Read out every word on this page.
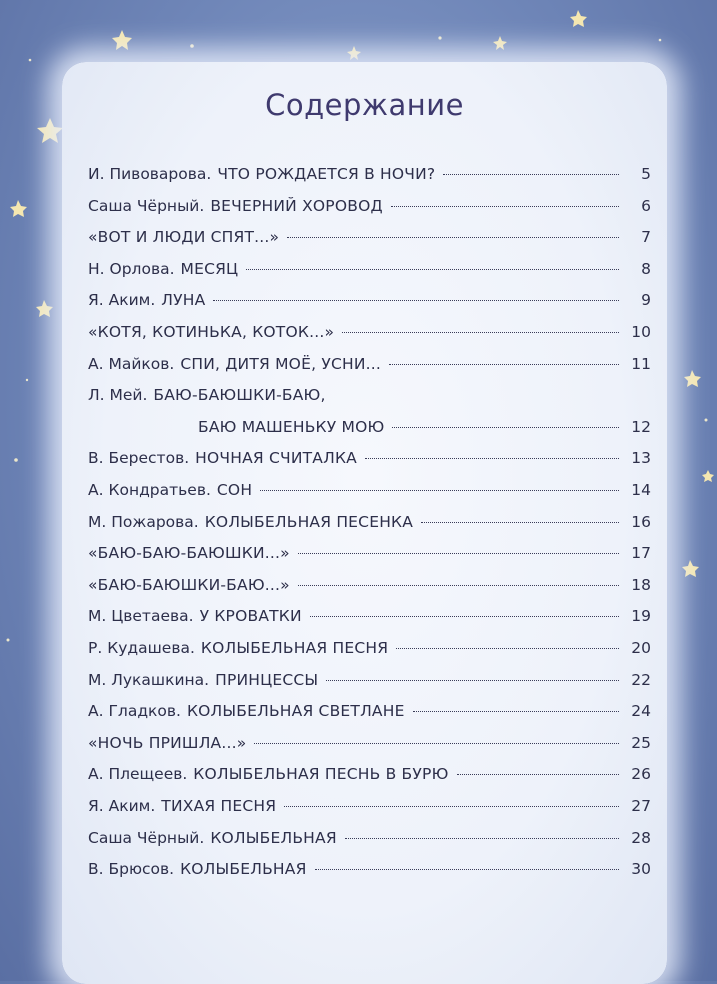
Содержание
И. Пивоварова. ЧТО РОЖДАЕТСЯ В НОЧИ?	5
Саша Чёрный. ВЕЧЕРНИЙ ХОРОВОД	6
«ВОТ И ЛЮДИ СПЯТ...»	7
Н. Орлова. МЕСЯЦ	8
Я. Аким. ЛУНА	9
«КОТЯ, КОТИНЬКА, КОТОК...»	10
А. Майков. СПИ, ДИТЯ МОЁ, УСНИ...	11
Л. Мей. БАЮ-БАЮШКИ-БАЮ,
БАЮ МАШЕНЬКУ МОЮ	12
В. Берестов. НОЧНАЯ СЧИТАЛКА	13
А. Кондратьев. СОН	14
М. Пожарова. КОЛЫБЕЛЬНАЯ ПЕСЕНКА	16
«БАЮ-БАЮ-БАЮШКИ...»	17
«БАЮ-БАЮШКИ-БАЮ...»	18
М. Цветаева. У КРОВАТКИ	19
Р. Кудашева. КОЛЫБЕЛЬНАЯ ПЕСНЯ	20
М. Лукашкина. ПРИНЦЕССЫ	22
А. Гладков. КОЛЫБЕЛЬНАЯ СВЕТЛАНЕ	24
«НОЧЬ ПРИШЛА...»	25
А. Плещеев. КОЛЫБЕЛЬНАЯ ПЕСНЬ В БУРЮ	26
Я. Аким. ТИХАЯ ПЕСНЯ	27
Саша Чёрный. КОЛЫБЕЛЬНАЯ	28
В. Брюсов. КОЛЫБЕЛЬНАЯ	30
